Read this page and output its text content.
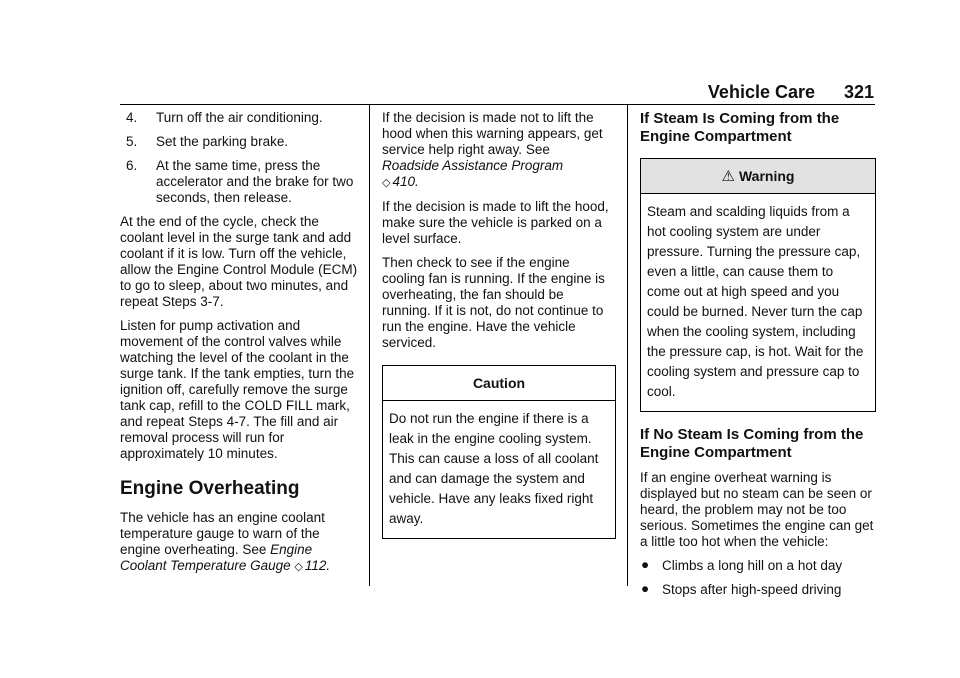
Vehicle Care	321
4. Turn off the air conditioning.
5. Set the parking brake.
6. At the same time, press the accelerator and the brake for two seconds, then release.

At the end of the cycle, check the coolant level in the surge tank and add coolant if it is low. Turn off the vehicle, allow the Engine Control Module (ECM) to go to sleep, about two minutes, and repeat Steps 3-7.

Listen for pump activation and movement of the control valves while watching the level of the coolant in the surge tank. If the tank empties, turn the ignition off, carefully remove the surge tank cap, refill to the COLD FILL mark, and repeat Steps 4-7. The fill and air removal process will run for approximately 10 minutes.

Engine Overheating

The vehicle has an engine coolant temperature gauge to warn of the engine overheating. See Engine Coolant Temperature Gauge ◇ 112.

If the decision is made not to lift the hood when this warning appears, get service help right away. See
Roadside Assistance Program
◇ 410.

If the decision is made to lift the hood, make sure the vehicle is parked on a level surface.

Then check to see if the engine cooling fan is running. If the engine is overheating, the fan should be running. If it is not, do not continue to run the engine. Have the vehicle serviced.

Caution
Do not run the engine if there is a leak in the engine cooling system. This can cause a loss of all coolant and can damage the system and vehicle. Have any leaks fixed right away.
If Steam Is Coming from the Engine Compartment
⚠ Warning
Steam and scalding liquids from a hot cooling system are under pressure. Turning the pressure cap, even a little, can cause them to come out at high speed and you could be burned. Never turn the cap when the cooling system, including the pressure cap, is hot. Wait for the cooling system and pressure cap to cool.
If No Steam Is Coming from the Engine Compartment

If an engine overheat warning is displayed but no steam can be seen or heard, the problem may not be too serious. Sometimes the engine can get a little too hot when the vehicle:

● Climbs a long hill on a hot day
● Stops after high-speed driving
